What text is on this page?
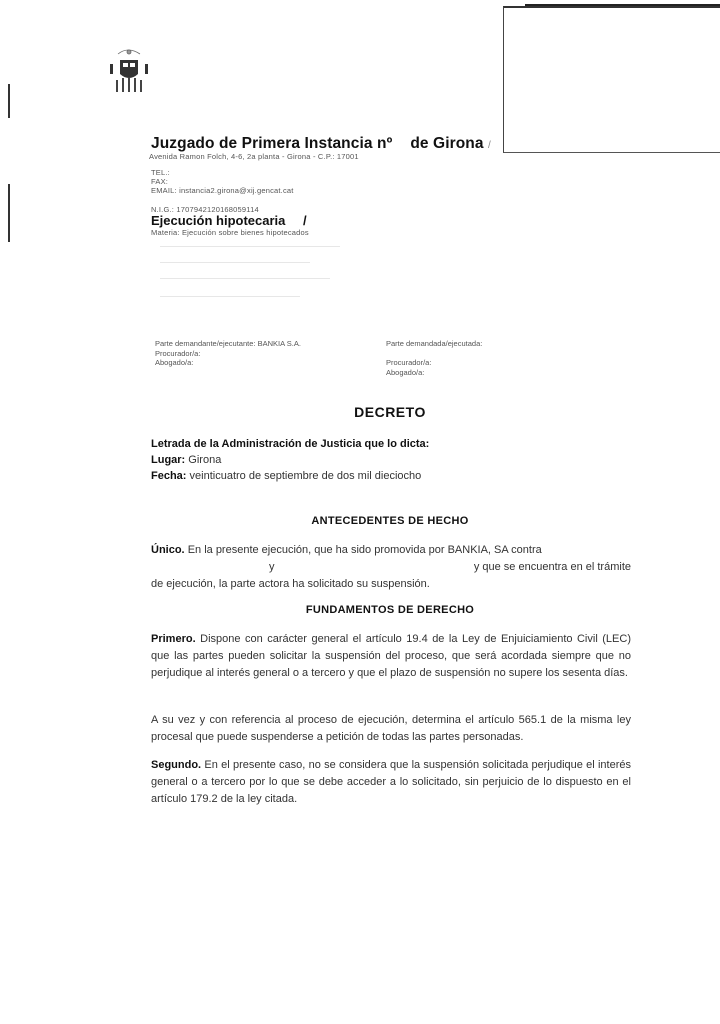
Juzgado de Primera Instancia nº de Girona /
Avenida Ramon Folch, 4-6, 2a planta - Girona - C.P.: 17001
TEL.:
FAX:
EMAIL: instancia2.girona@xij.gencat.cat
N.I.G.: 1707942120168059114
Ejecución hipotecaria /
Materia: Ejecución sobre bienes hipotecados
Parte demandante/ejecutante: BANKIA S.A.
Procurador/a:
Abogado/a:
Parte demandada/ejecutada:
Procurador/a:
Abogado/a:
DECRETO
Letrada de la Administración de Justicia que lo dicta:
Lugar: Girona
Fecha: veinticuatro de septiembre de dos mil dieciocho
ANTECEDENTES DE HECHO
Único. En la presente ejecución, que ha sido promovida por BANKIA, SA contra
y	y que se encuentra en el trámite
de ejecución, la parte actora ha solicitado su suspensión.
FUNDAMENTOS DE DERECHO
Primero. Dispone con carácter general el artículo 19.4 de la Ley de Enjuiciamiento Civil (LEC) que las partes pueden solicitar la suspensión del proceso, que será acordada siempre que no perjudique al interés general o a tercero y que el plazo de suspensión no supere los sesenta días.
A su vez y con referencia al proceso de ejecución, determina el artículo 565.1 de la misma ley procesal que puede suspenderse a petición de todas las partes personadas.
Segundo. En el presente caso, no se considera que la suspensión solicitada perjudique el interés general o a tercero por lo que se debe acceder a lo solicitado, sin perjuicio de lo dispuesto en el artículo 179.2 de la ley citada.
